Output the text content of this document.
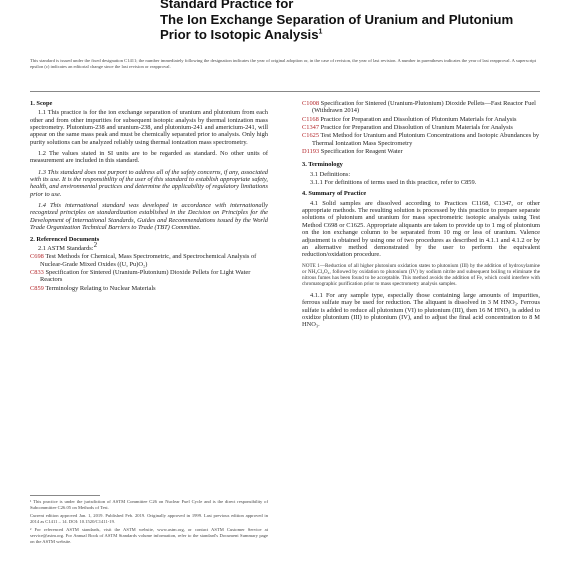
Standard Practice for
The Ion Exchange Separation of Uranium and Plutonium
Prior to Isotopic Analysis$^1$
This standard is issued under the fixed designation C1411; the number immediately following the designation indicates the year of original adoption or, in the case of revision, the year of last revision. A number in parentheses indicates the year of last reapproval. A superscript epsilon (ε) indicates an editorial change since the last revision or reapproval.
1. Scope
1.1 This practice is for the ion exchange separation of uranium and plutonium from each other and from other impurities for subsequent isotopic analysis by thermal ionization mass spectrometry. Plutonium-238 and uranium-238, and plutonium-241 and americium-241, will appear on the same mass peak and must be chemically separated prior to analysis. Only high purity solutions can be analyzed reliably using thermal ionization mass spectrometry.
1.2 The values stated in SI units are to be regarded as standard. No other units of measurement are included in this standard.
1.3 This standard does not purport to address all of the safety concerns, if any, associated with its use. It is the responsibility of the user of this standard to establish appropriate safety, health, and environmental practices and determine the applicability of regulatory limitations prior to use.
1.4 This international standard was developed in accordance with internationally recognized principles on standardization established in the Decision on Principles for the Development of International Standards, Guides and Recommendations issued by the World Trade Organization Technical Barriers to Trade (TBT) Committee.
2. Referenced Documents
2.1 ASTM Standards:$^2$
C698 Test Methods for Chemical, Mass Spectrometric, and Spectrochemical Analysis of Nuclear-Grade Mixed Oxides ((U, Pu)O₂)
C833 Specification for Sintered (Uranium-Plutonium) Dioxide Pellets for Light Water Reactors
C859 Terminology Relating to Nuclear Materials
C1008 Specification for Sintered (Uranium-Plutonium) Dioxide Pellets—Fast Reactor Fuel (Withdrawn 2014)
C1168 Practice for Preparation and Dissolution of Plutonium Materials for Analysis
C1347 Practice for Preparation and Dissolution of Uranium Materials for Analysis
C1625 Test Method for Uranium and Plutonium Concentrations and Isotopic Abundances by Thermal Ionization Mass Spectrometry
D1193 Specification for Reagent Water
3. Terminology
3.1 Definitions:
3.1.1 For definitions of terms used in this practice, refer to C859.
4. Summary of Practice
4.1 Solid samples are dissolved according to Practices C1168, C1347, or other appropriate methods. The resulting solution is processed by this practice to prepare separate solutions of plutonium and uranium for mass spectrometric isotopic analysis using Test Method C698 or C1625. Appropriate aliquants are taken to provide up to 1 mg of plutonium on the ion exchange column to be separated from 10 mg or less of uranium. Valence adjustment is obtained by using one of two procedures as described in 4.1.1 and 4.1.2 or by an alternative method demonstrated by the user to perform the equivalent reduction/oxidation procedure.
NOTE 1—Reduction of all higher plutonium oxidation states to plutonium (III) by the addition of hydroxylamine or NH₂Cl₂O₄, followed by oxidation to plutonium (IV) by sodium nitrite and subsequent boiling to eliminate the nitrous fumes has been found to be acceptable. This method avoids the addition of Fe, which could interfere with chromatographic purification prior to mass spectrometry analysis samples.
4.1.1 For any sample type, especially those containing large amounts of impurities, ferrous sulfate may be used for reduction. The aliquant is dissolved in 3 M HNO₃. Ferrous sulfate is added to reduce all plutonium (VI) to plutonium (III), then 16 M HNO₃ is added to oxidize plutonium (III) to plutonium (IV), and to adjust the final acid concentration to 8 M HNO₃.
¹ This practice is under the jurisdiction of ASTM Committee C26 on Nuclear Fuel Cycle and is the direct responsibility of Subcommittee C26.05 on Methods of Test.
Current edition approved Jan. 1, 2019. Published Feb. 2019. Originally approved in 1999. Last previous edition approved in 2014 as C1411 – 14. DOI: 10.1520/C1411-19.
² For referenced ASTM standards, visit the ASTM website, www.astm.org, or contact ASTM Customer Service at service@astm.org. For Annual Book of ASTM Standards volume information, refer to the standard's Document Summary page on the ASTM website.
